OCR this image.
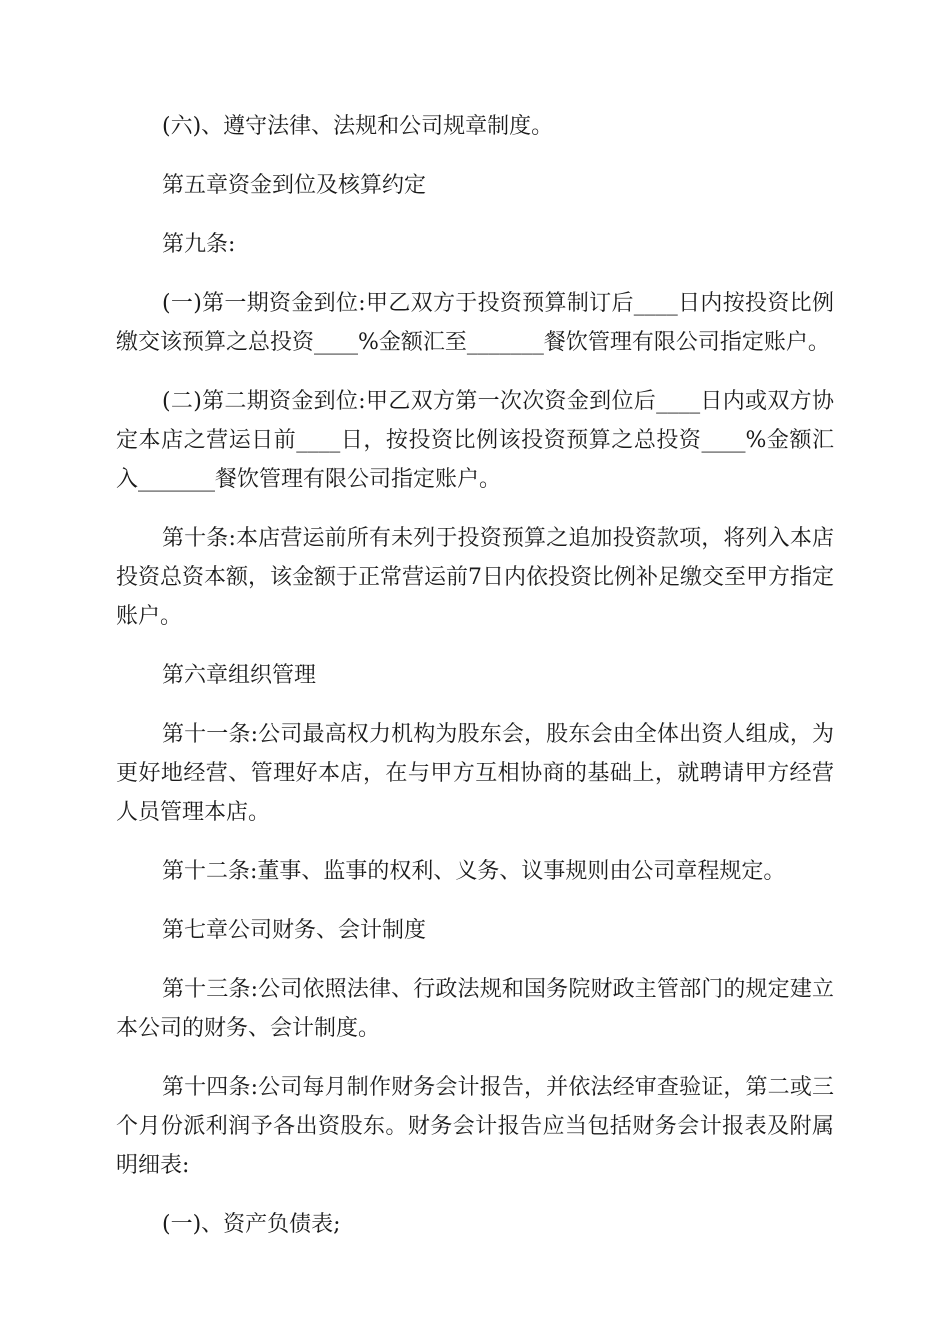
(六)、遵守法律、法规和公司规章制度。

第五章资金到位及核算约定

第九条:

(一)第一期资金到位:甲乙双方于投资预算制订后____日内按投资比例缴交该预算之总投资____%金额汇至_______餐饮管理有限公司指定账户。

(二)第二期资金到位:甲乙双方第一次次资金到位后____日内或双方协定本店之营运日前____日，按投资比例该投资预算之总投资____%金额汇入_______餐饮管理有限公司指定账户。

第十条:本店营运前所有未列于投资预算之追加投资款项，将列入本店投资总资本额，该金额于正常营运前7日内依投资比例补足缴交至甲方指定账户。

第六章组织管理

第十一条:公司最高权力机构为股东会，股东会由全体出资人组成，为更好地经营、管理好本店，在与甲方互相协商的基础上，就聘请甲方经营人员管理本店。

第十二条:董事、监事的权利、义务、议事规则由公司章程规定。

第七章公司财务、会计制度

第十三条:公司依照法律、行政法规和国务院财政主管部门的规定建立本公司的财务、会计制度。

第十四条:公司每月制作财务会计报告，并依法经审查验证，第二或三个月份派利润予各出资股东。财务会计报告应当包括财务会计报表及附属明细表:

(一)、资产负债表;
